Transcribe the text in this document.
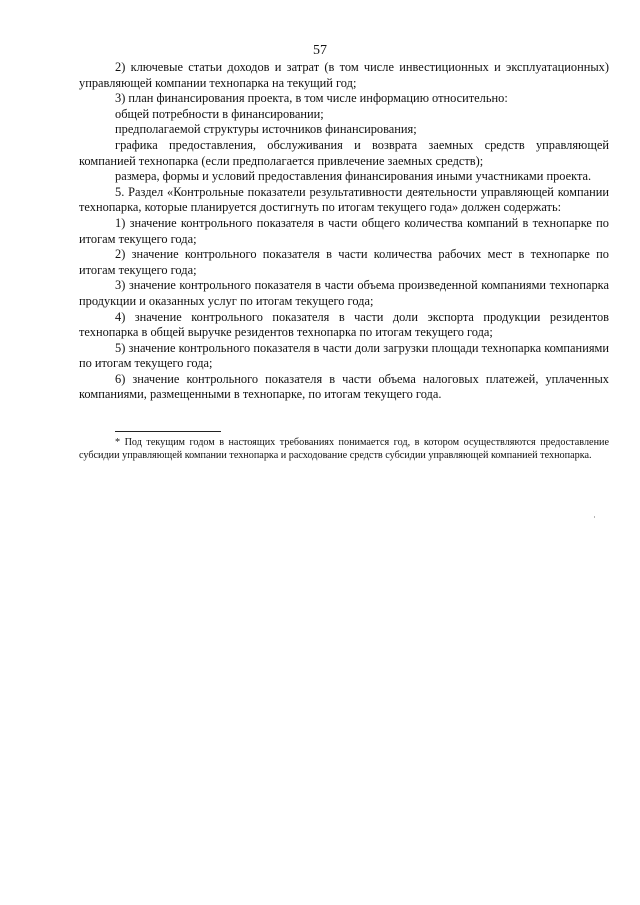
57

2) ключевые статьи доходов и затрат (в том числе инвестиционных и эксплуатационных) управляющей компании технопарка на текущий год;

3) план финансирования проекта, в том числе информацию относительно:

общей потребности в финансировании;

предполагаемой структуры источников финансирования;

графика предоставления, обслуживания и возврата заемных средств управляющей компанией технопарка (если предполагается привлечение заемных средств);

размера, формы и условий предоставления финансирования иными участниками проекта.

5. Раздел «Контрольные показатели результативности деятельности управляющей компании технопарка, которые планируется достигнуть по итогам текущего года» должен содержать:

1) значение контрольного показателя в части общего количества компаний в технопарке по итогам текущего года;

2) значение контрольного показателя в части количества рабочих мест в технопарке по итогам текущего года;

3) значение контрольного показателя в части объема произведенной компаниями технопарка продукции и оказанных услуг по итогам текущего года;

4) значение контрольного показателя в части доли экспорта продукции резидентов технопарка в общей выручке резидентов технопарка по итогам текущего года;

5) значение контрольного показателя в части доли загрузки площади технопарка компаниями по итогам текущего года;

6) значение контрольного показателя в части объема налоговых платежей, уплаченных компаниями, размещенными в технопарке, по итогам текущего года.

* Под текущим годом в настоящих требованиях понимается год, в котором осуществляются предоставление субсидии управляющей компании технопарка и расходование средств субсидии управляющей компанией технопарка.
